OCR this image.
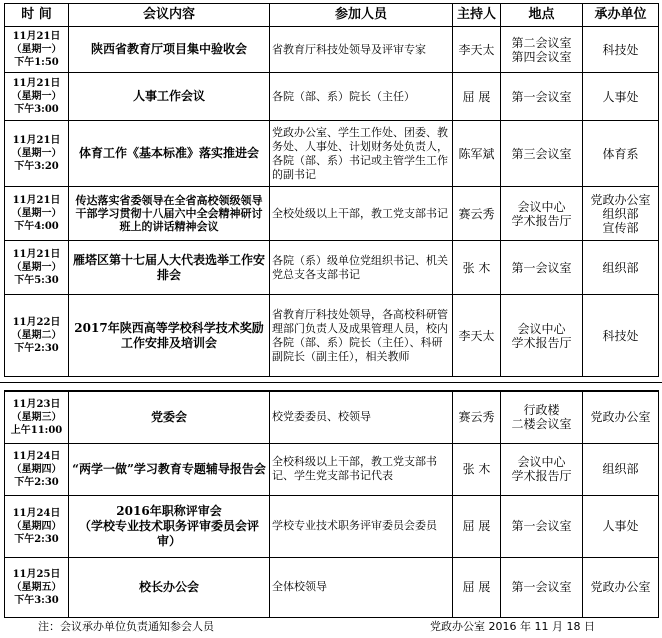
时 间	会议内容	参加人员	主持人	地点	承办单位
11月21日
（星期一）
下午1:50	陕西省教育厅项目集中验收会	省教育厅科技处领导及评审专家	李天太	第二会议室
第四会议室	科技处
11月21日
（星期一）
下午3:00	人事工作会议	各院（部、系）院长（主任）	屈 展	第一会议室	人事处
11月21日
（星期一）
下午3:20	体育工作《基本标准》落实推进会	党政办公室、学生工作处、团委、教务处、人事处、计划财务处负责人，各院（部、系）书记或主管学生工作的副书记	陈军斌	第三会议室	体育系
11月21日
（星期一）
下午4:00	传达落实省委领导在全省高校领级领导干部学习贯彻十八届六中全会精神研讨班上的讲话精神会议	全校处级以上干部，教工党支部书记	赛云秀	会议中心
学术报告厅	党政办公室
组织部
宣传部
11月21日
（星期一）
下午5:30	雁塔区第十七届人大代表选举工作安排会	各院（系）级单位党组织书记、机关党总支各支部书记	张 木	第一会议室	组织部
11月22日
（星期二）
下午2:30	2017年陕西高等学校科学技术奖励工作安排及培训会	省教育厅科技处领导，各高校科研管理部门负责人及成果管理人员，校内各院（部、系）院长（主任）、科研副院长（副主任），相关教师	李天太	会议中心
学术报告厅	科技处
11月23日
（星期三）
上午11:00	党委会	校党委委员、校领导	赛云秀	行政楼
二楼会议室	党政办公室
11月24日
（星期四）
下午2:30	“两学一做”学习教育专题辅导报告会	全校科级以上干部，教工党支部书记、学生党支部书记代表	张 木	会议中心
学术报告厅	组织部
11月24日
（星期四）
下午2:30	2016年职称评审会
（学校专业技术职务评审委员会评审）	学校专业技术职务评审委员会委员	屈 展	第一会议室	人事处
11月25日
（星期五）
下午3:30	校长办公会	全体校领导	屈 展	第一会议室	党政办公室
注：会议承办单位负责通知参会人员	党政办公室 2016 年 11 月 18 日
